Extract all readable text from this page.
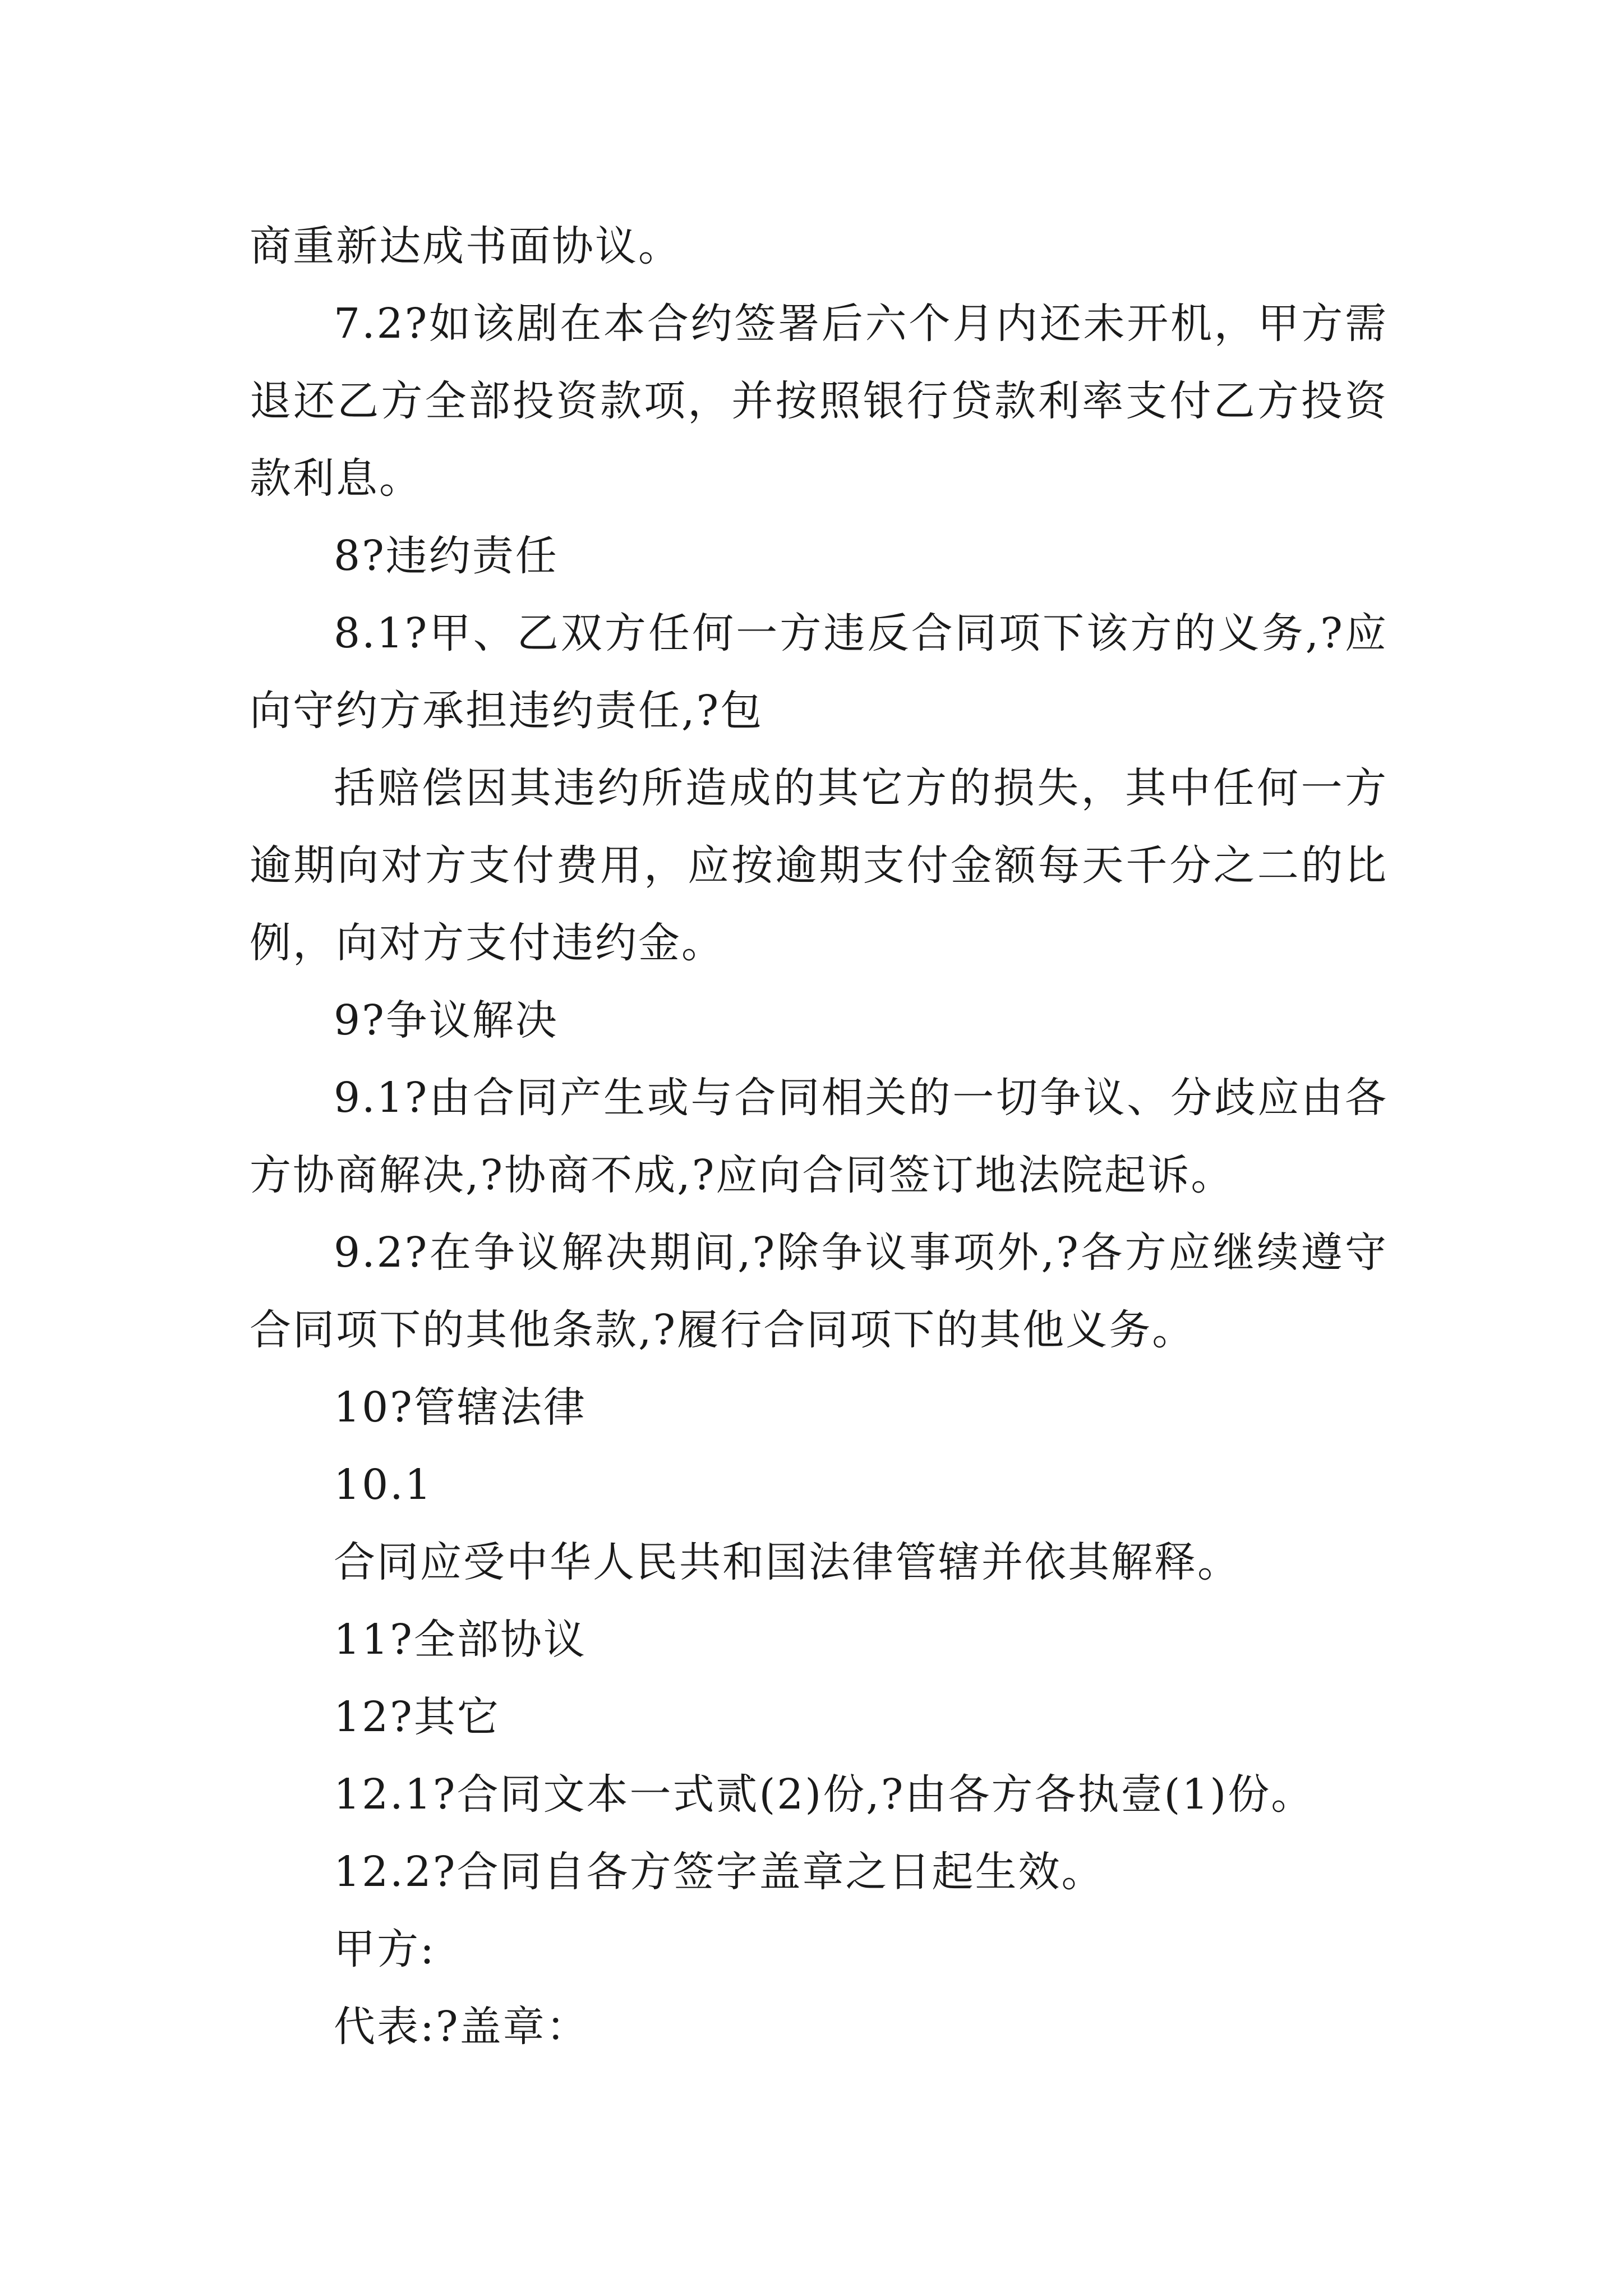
商重新达成书面协议。

7.2?如该剧在本合约签署后六个月内还未开机，甲方需退还乙方全部投资款项，并按照银行贷款利率支付乙方投资款利息。

8?违约责任

8.1?甲、乙双方任何一方违反合同项下该方的义务,?应向守约方承担违约责任,?包

括赔偿因其违约所造成的其它方的损失，其中任何一方逾期向对方支付费用，应按逾期支付金额每天千分之二的比例，向对方支付违约金。

9?争议解决

9.1?由合同产生或与合同相关的一切争议、分歧应由各方协商解决,?协商不成,?应向合同签订地法院起诉。

9.2?在争议解决期间,?除争议事项外,?各方应继续遵守合同项下的其他条款,?履行合同项下的其他义务。

10?管辖法律

10.1

合同应受中华人民共和国法律管辖并依其解释。

11?全部协议

12?其它

12.1?合同文本一式贰(2)份,?由各方各执壹(1)份。

12.2?合同自各方签字盖章之日起生效。

甲方:

代表:?盖章：
